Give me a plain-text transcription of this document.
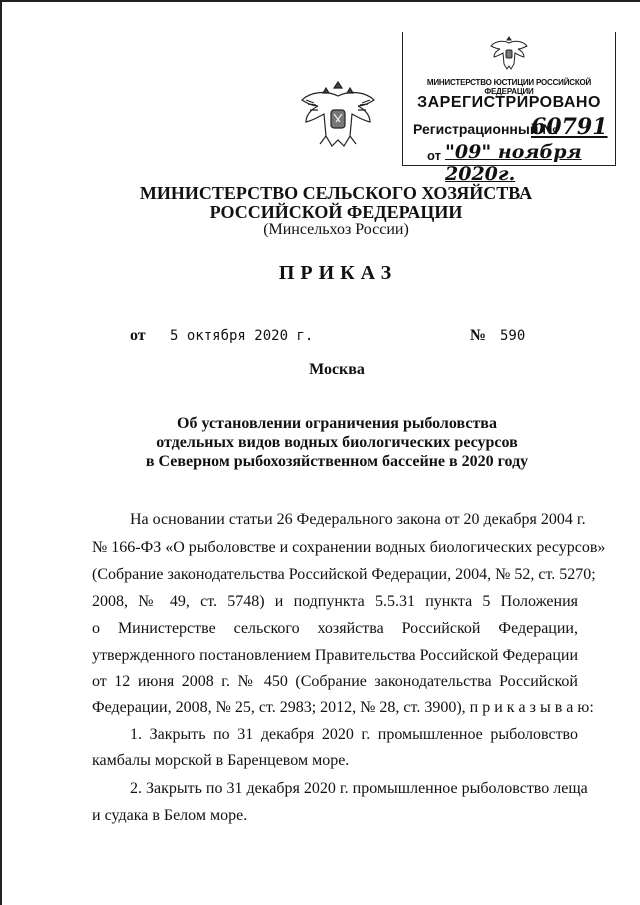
МИНИСТЕРСТВО ЮСТИЦИИ РОССИЙСКОЙ ФЕДЕРАЦИИ
ЗАРЕГИСТРИРОВАНО
Регистрационный №
60791
от "09" ноября 2020г.
МИНИСТЕРСТВО СЕЛЬСКОГО ХОЗЯЙСТВА
РОССИЙСКОЙ ФЕДЕРАЦИИ
(Минсельхоз России)
ПРИКАЗ
от 5 октября 2020 г.	№ 590
Москва
Об установлении ограничения рыболовства
отдельных видов водных биологических ресурсов
в Северном рыбохозяйственном бассейне в 2020 году
На основании статьи 26 Федерального закона от 20 декабря 2004 г.
№ 166-ФЗ «О рыболовстве и сохранении водных биологических ресурсов»
(Собрание законодательства Российской Федерации, 2004, № 52, ст. 5270;
2008, № 49, ст. 5748) и подпункта 5.5.31 пункта 5 Положения
о Министерстве сельского хозяйства Российской Федерации,
утвержденного постановлением Правительства Российской Федерации
от 12 июня 2008 г. № 450 (Собрание законодательства Российской
Федерации, 2008, № 25, ст. 2983; 2012, № 28, ст. 3900), п р и к а з ы в а ю:
1. Закрыть по 31 декабря 2020 г. промышленное рыболовство
камбалы морской в Баренцевом море.
2. Закрыть по 31 декабря 2020 г. промышленное рыболовство леща
и судака в Белом море.
